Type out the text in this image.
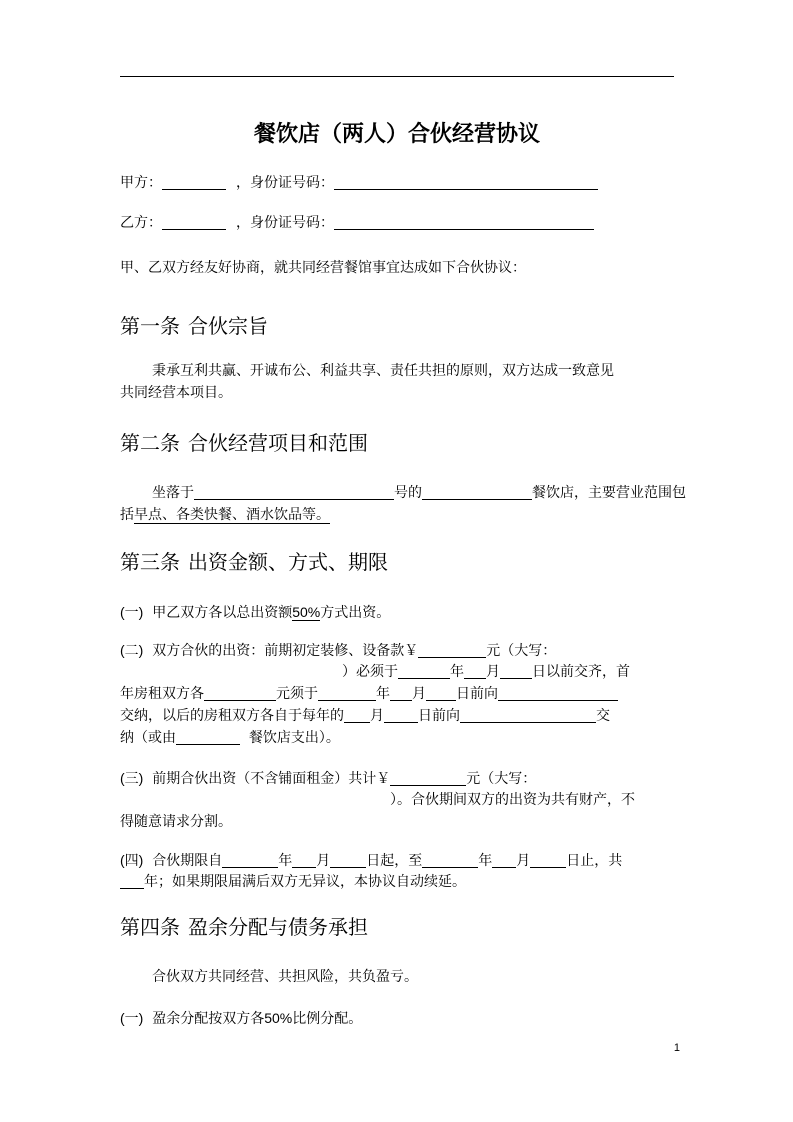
餐饮店（两人）合伙经营协议
甲方：	，身份证号码：
乙方：	，身份证号码：
甲、乙双方经友好协商，就共同经营餐馆事宜达成如下合伙协议：
第一条 合伙宗旨
秉承互利共赢、开诚布公、利益共享、责任共担的原则，双方达成一致意见
共同经营本项目。
第二条 合伙经营项目和范围
坐落于	号的	餐饮店，主要营业范围包
括早点、各类快餐、酒水饮品等。
第三条 出资金额、方式、期限
(一) 甲乙双方各以总出资额50%方式出资。
(二) 双方合伙的出资：前期初定装修、设备款￥	元（大写：
）必须于	年 月 日以前交齐，首
年房租双方各	元须于	年 月 日前向
交纳，以后的房租双方各自于每年的 月 日前向	交
纳（或由	餐饮店支出）。
(三) 前期合伙出资（不含铺面租金）共计￥	元（大写：
）。合伙期间双方的出资为共有财产，不
得随意请求分割。
(四) 合伙期限自	年 月	日起，至	年 月	日止，共
年；如果期限届满后双方无异议，本协议自动续延。
第四条 盈余分配与债务承担
合伙双方共同经营、共担风险，共负盈亏。
(一) 盈余分配按双方各50%比例分配。
1
